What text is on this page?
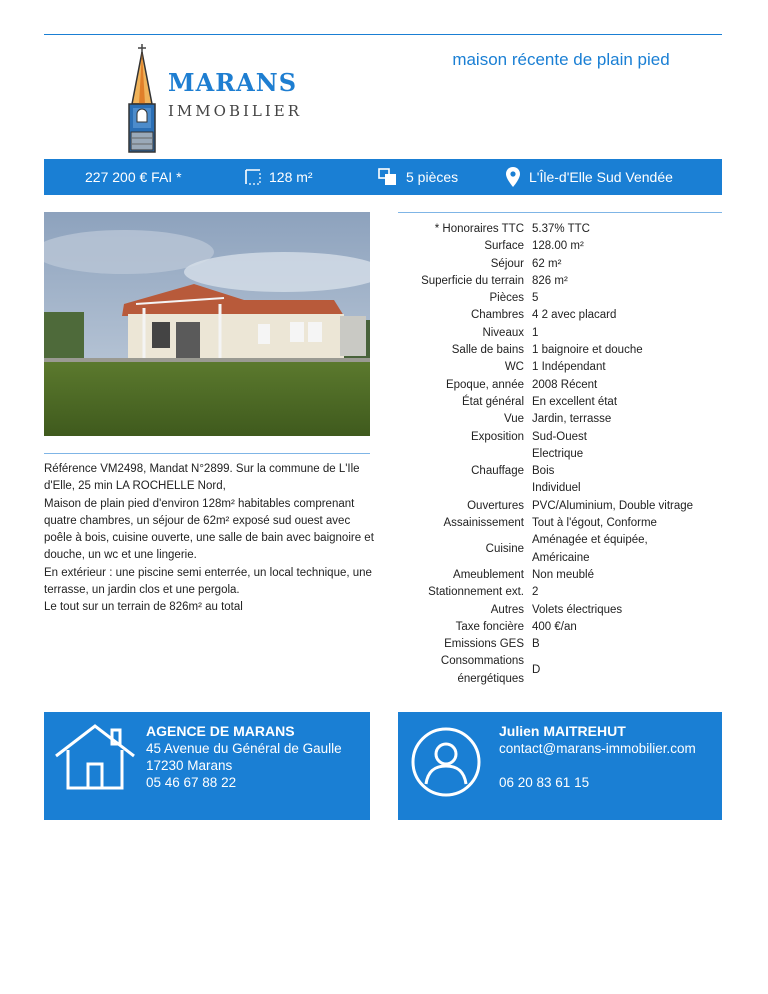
MARANS
IMMOBILIER
maison récente de plain pied
227 200 € FAI *	128 m²	5 pièces	L'Île-d'Elle Sud Vendée

Référence VM2498, Mandat N°2899. Sur la commune de L'Ile d'Elle, 25 min LA ROCHELLE Nord,

Maison de plain pied d'environ 128m² habitables comprenant quatre chambres, un séjour de 62m² exposé sud ouest avec poêle à bois, cuisine ouverte, une salle de bain avec baignoire et douche, un wc et une lingerie.

En extérieur : une piscine semi enterrée, un local technique, une terrasse, un jardin clos et une pergola.

Le tout sur un terrain de 826m² au total

* Honoraires TTC	5.37% TTC
Surface	128.00 m²
Séjour	62 m²
Superficie du terrain	826 m²
Pièces	5
Chambres	4 2 avec placard
Niveaux	1
Salle de bains	1 baignoire et douche
WC	1 Indépendant
Epoque, année	2008 Récent
État général	En excellent état
Vue	Jardin, terrasse
Exposition	Sud-Ouest
Chauffage	Electrique
Bois
Individuel

Ouvertures	PVC/Aluminium, Double vitrage
Assainissement	Tout à l'égout, Conforme
Cuisine	Aménagée et équipée,
Américaine

Ameublement	Non meublé
Stationnement ext.	2
Autres	Volets électriques
Taxe foncière	400 €/an
Emissions GES	B

Consommations
énergétiques	D
AGENCE DE MARANS
45 Avenue du Général de Gaulle
17230 Marans
05 46 67 88 22
Julien MAITREHUT
contact@marans-immobilier.com
06 20 83 61 15
